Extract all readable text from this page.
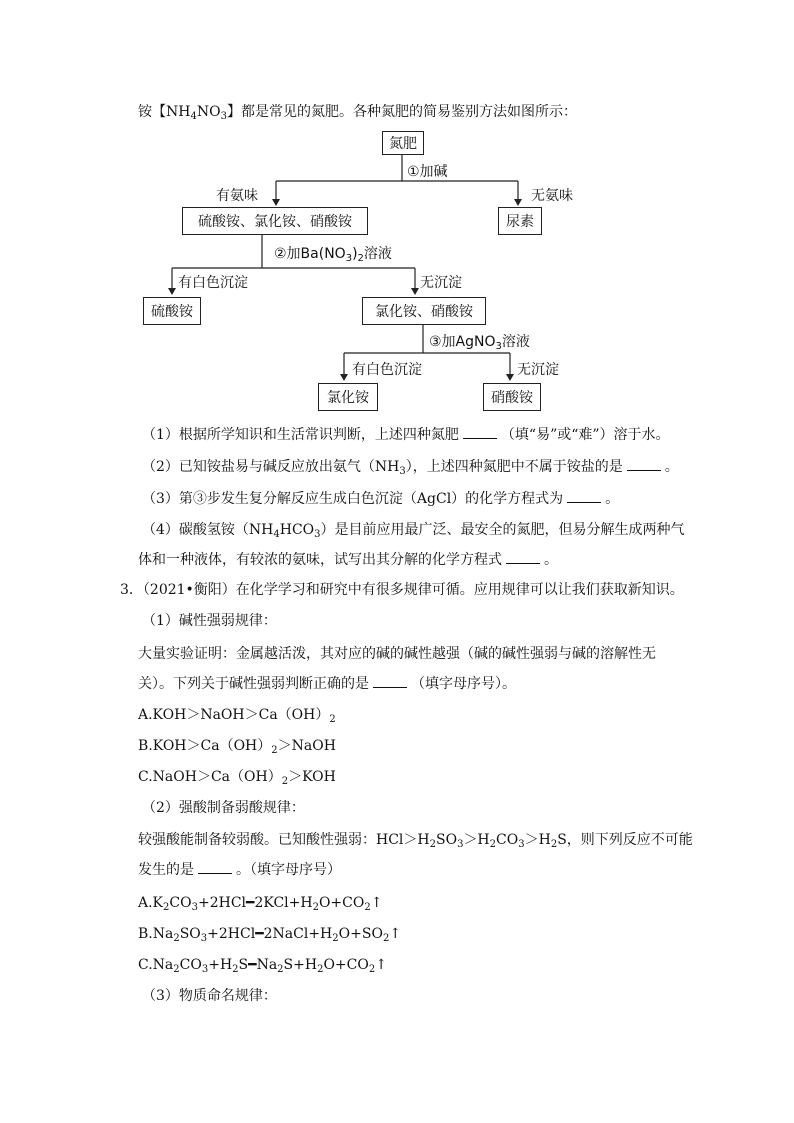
铵【$NH_4NO_3$】都是常见的氮肥。各种氮肥的简易鉴别方法如图所示：
氮肥
①加碱
有氨味	无氨味
硫酸铵、氯化铵、硝酸铵	尿素
②加$Ba(NO_3)_2$溶液
有白色沉淀	无沉淀
硫酸铵	氯化铵、硝酸铵
③加AgNO$_3$溶液
有白色沉淀	无沉淀
氯化铵	硝酸铵
（1）根据所学知识和生活常识判断，上述四种氮肥	（填“易”或“难”）溶于水。
（2）已知铵盐易与碱反应放出氨气$(NH_3)$，上述四种氮肥中不属于铵盐的是	。
（3）第③步发生复分解反应生成白色沉淀（AgCl）的化学方程式为	。
（4）碳酸氢铵$(NH_4HCO_3)$是目前应用最广泛、最安全的氮肥，但易分解生成两种气
体和一种液体，有较浓的氨味，试写出其分解的化学方程式	。
3．（2021•衡阳）在化学学习和研究中有很多规律可循。应用规律可以让我们获取新知识。
（1）碱性强弱规律：
大量实验证明：金属越活泼，其对应的碱的碱性越强（碱的碱性强弱与碱的溶解性无
关）。下列关于碱性强弱判断正确的是	（填字母序号）。
$A.KOH>NaOH>Ca(OH)_2$
$B.KOH>Ca(OH)_2>NaOH$
$C.NaOH>Ca(OH)_2>KOH$
（2）强酸制备弱酸规律：
较强酸能制备较弱酸。已知酸性强弱：$HCl>H_2SO_3>H_2CO_3>H_2S$，则下列反应不可能
发生的是	。（填字母序号）
$A.K_2CO_3+2HCl━2KCl+H_2O+CO_2↑$
$B.Na_2SO_3+2HCl━2NaCl+H_2O+SO_2↑$
$C.Na_2CO_3+H_2S━Na_2S+H_2O+CO_2↑$
（3）物质命名规律：
